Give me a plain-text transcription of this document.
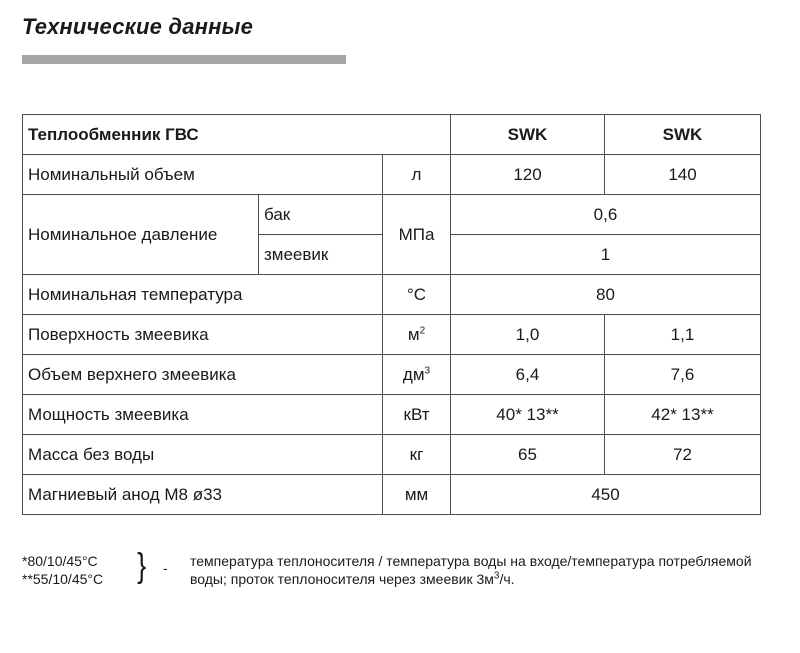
Технические данные
Теплообменник ГВС			SWK	SWK
Номинальный объем		л	120	140
Номинальное давление	бак	МПа	0,6	
	змеевик		1	
Номинальная температура		°С	80	
Поверхность змеевика		$м^2$	1,0	1,1
Объем верхнего змеевика		$дм^3$	6,4	7,6
Мощность змеевика		кВт	40* 13**	42* 13**
Масса без воды		кг	65	72
Магниевый анод М8 ø33		мм	450	
*80/10/45°С
**55/10/45°С } - температура теплоносителя / температура воды на входе/температура потребляемой воды; проток теплоносителя через змеевик $3м^3/ч$.
